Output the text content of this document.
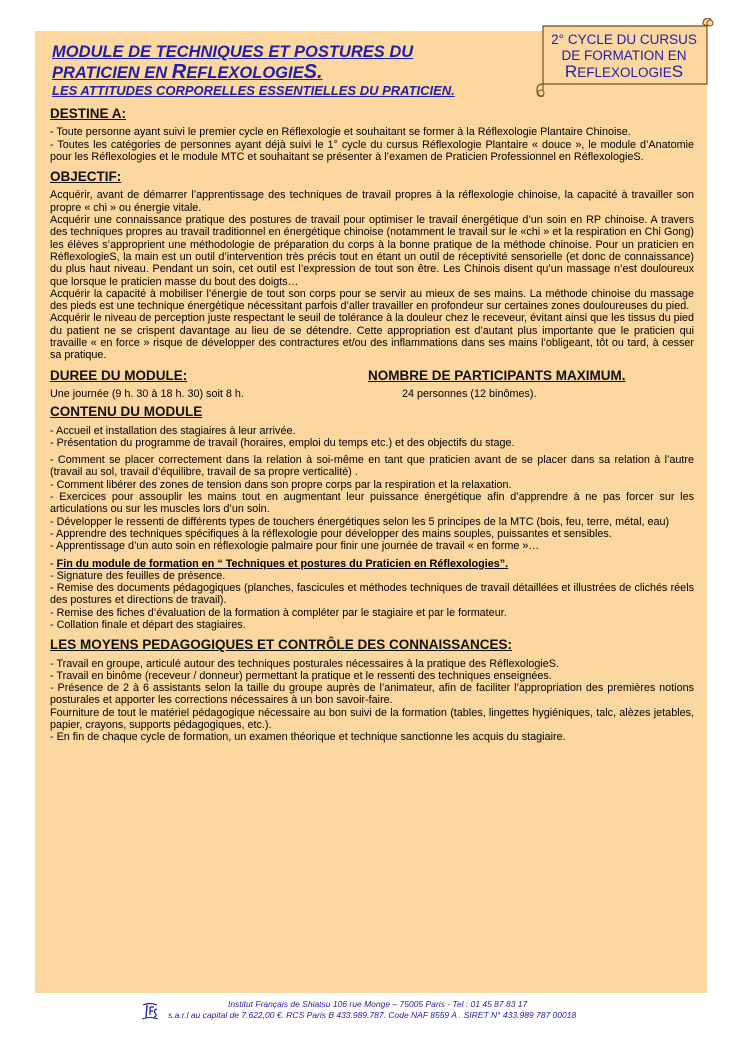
MODULE DE TECHNIQUES ET POSTURES DU
PRATICIEN EN REFLEXOLOGIES.
LES ATTITUDES CORPORELLES ESSENTIELLES DU PRATICIEN.
2° CYCLE DU CURSUS
DE FORMATION EN
REFLEXOLOGIES
DESTINE A:

- Toute personne ayant suivi le premier cycle en Réflexologie et souhaitant se former à la Réflexologie Plantaire Chinoise.

- Toutes les catégories de personnes ayant déjà suivi le 1° cycle du cursus Réflexologie Plantaire « douce », le module d’Anatomie pour les Réflexologies et le module MTC et souhaitant se présenter à l’examen de Praticien Professionnel en RéflexologieS.

OBJECTIF:

Acquérir, avant de démarrer l’apprentissage des techniques de travail propres à la réflexologie chinoise, la capacité à travailler son propre « chi » ou énergie vitale.

Acquérir une connaissance pratique des postures de travail pour optimiser le travail énergétique d’un soin en RP chinoise. A travers des techniques propres au travail traditionnel en énergétique chinoise (notamment le travail sur le «chi » et la respiration en Chi Gong) les élèves s’approprient une méthodologie de préparation du corps à la bonne pratique de la méthode chinoise. Pour un praticien en RéflexologieS, la main est un outil d’intervention très précis tout en étant un outil de réceptivité sensorielle (et donc de connaissance) du plus haut niveau. Pendant un soin, cet outil est l’expression de tout son être. Les Chinois disent qu’un massage n’est douloureux que lorsque le praticien masse du bout des doigts…

Acquérir la capacité à mobiliser l’énergie de tout son corps pour se servir au mieux de ses mains. La méthode chinoise du massage des pieds est une technique énergétique nécessitant parfois d’aller travailler en profondeur sur certaines zones douloureuses du pied.

Acquérir le niveau de perception juste respectant le seuil de tolérance à la douleur chez le receveur, évitant ainsi que les tissus du pied du patient ne se crispent davantage au lieu de se détendre. Cette appropriation est d’autant plus importante que le praticien qui travaille « en force » risque de développer des contractures et/ou des inflammations dans ses mains l’obligeant, tôt ou tard, à cesser sa pratique.

DUREE DU MODULE:

Une journée (9 h. 30 à 18 h. 30) soit 8 h.

NOMBRE DE PARTICIPANTS MAXIMUM.

24 personnes (12 binômes).

CONTENU DU MODULE

- Accueil et installation des stagiaires à leur arrivée.

- Présentation du programme de travail (horaires, emploi du temps etc.) et des objectifs du stage.

- Comment se placer correctement dans la relation à soi-même en tant que praticien avant de se placer dans sa relation à l’autre (travail au sol, travail d’équilibre, travail de sa propre verticalité) .

- Comment libérer des zones de tension dans son propre corps par la respiration et la relaxation.

- Exercices pour assouplir les mains tout en augmentant leur puissance énergétique afin d’apprendre à ne pas forcer sur les articulations ou sur les muscles lors d’un soin.

- Développer le ressenti de différents types de touchers énergétiques selon les 5 principes de la MTC (bois, feu, terre, métal, eau)

- Apprendre des techniques spécifiques à la réflexologie pour développer des mains souples, puissantes et sensibles.

- Apprentissage d’un auto soin en réflexologie palmaire pour finir une journée de travail « en forme »…

- Fin du module de formation en “ Techniques et postures du Praticien en Réflexologies”.

- Signature des feuilles de présence.

- Remise des documents pédagogiques (planches, fascicules et méthodes techniques de travail détaillées et illustrées de clichés réels des postures et directions de travail).

- Remise des fiches d’évaluation de la formation à compléter par le stagiaire et par le formateur.

- Collation finale et départ des stagiaires.

LES MOYENS PEDAGOGIQUES ET CONTRÔLE DES CONNAISSANCES:

- Travail en groupe, articulé autour des techniques posturales nécessaires à la pratique des RéflexologieS.

- Travail en binôme (receveur / donneur) permettant la pratique et le ressenti des techniques enseignées.

- Présence de 2 à 6 assistants selon la taille du groupe auprès de l’animateur, afin de faciliter l’appropriation des premières notions posturales et apporter les corrections nécessaires à un bon savoir-faire.

Fourniture de tout le matériel pédagogique nécessaire au bon suivi de la formation (tables, lingettes hygiéniques, talc, alèzes jetables, papier, crayons, supports pédagogiques, etc.).

- En fin de chaque cycle de formation, un examen théorique et technique sanctionne les acquis du stagiaire.

Institut Français de Shiatsu 106 rue Monge – 75005 Paris - Tel : 01 45 87 83 17
s.a.r.l au capital de 7.622,00 €. RCS Paris B 433.989.787. Code NAF 8559 A . SIRET N° 433.989 787 00018
